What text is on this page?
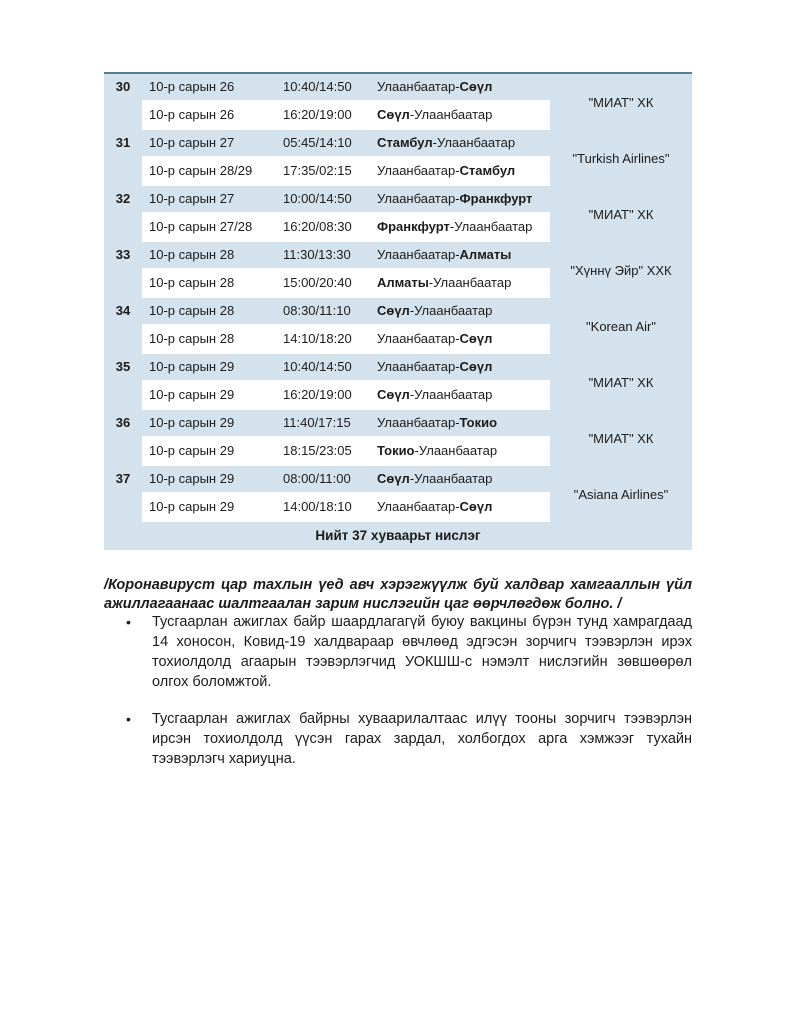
30	10-р сарын 26	10:40/14:50	Улаанбаатар-Сөүл
10-р сарын 26	16:20/19:00	Сөүл-Улаанбаатар
"МИАТ" ХК
31	10-р сарын 27	05:45/14:10	Стамбул-Улаанбаатар
10-р сарын 28/29	17:35/02:15	Улаанбаатар-Стамбул
"Turkish Airlines"
32	10-р сарын 27	10:00/14:50	Улаанбаатар-Франкфурт
10-р сарын 27/28	16:20/08:30	Франкфурт-Улаанбаатар
"МИАТ" ХК
33	10-р сарын 28	11:30/13:30	Улаанбаатар-Алматы
10-р сарын 28	15:00/20:40	Алматы-Улаанбаатар
"Хүннү Эйр" ХХК
34	10-р сарын 28	08:30/11:10	Сөүл-Улаанбаатар
10-р сарын 28	14:10/18:20	Улаанбаатар-Сөүл
"Korean Air"
35	10-р сарын 29	10:40/14:50	Улаанбаатар-Сөүл
10-р сарын 29	16:20/19:00	Сөүл-Улаанбаатар
"МИАТ" ХК
36	10-р сарын 29	11:40/17:15	Улаанбаатар-Токио
10-р сарын 29	18:15/23:05	Токио-Улаанбаатар
"МИАТ" ХК
37	10-р сарын 29	08:00/11:00	Сөүл-Улаанбаатар
10-р сарын 29	14:00/18:10	Улаанбаатар-Сөүл
"Asiana Airlines"
Нийт 37 хуваарьт нислэг

/Коронавируст цар тахлын үед авч хэрэгжүүлж буй халдвар хамгааллын үйл ажиллагаанаас шалтгаалан зарим нислэгийн цаг өөрчлөгдөж болно. /

•	Тусгаарлан ажиглах байр шаардлагагүй буюу вакцины бүрэн тунд хамрагдаад 14 хоносон, Ковид-19 халдвараар өвчлөөд эдгэсэн зорчигч тээвэрлэн ирэх тохиолдолд агаарын тээвэрлэгчид УОКШШ-с нэмэлт нислэгийн зөвшөөрөл олгох боломжтой.
•	Тусгаарлан ажиглах байрны хуваарилалтаас илүү тооны зорчигч тээвэрлэн ирсэн тохиолдолд үүсэн гарах зардал, холбогдох арга хэмжээг тухайн тээвэрлэгч хариуцна.
